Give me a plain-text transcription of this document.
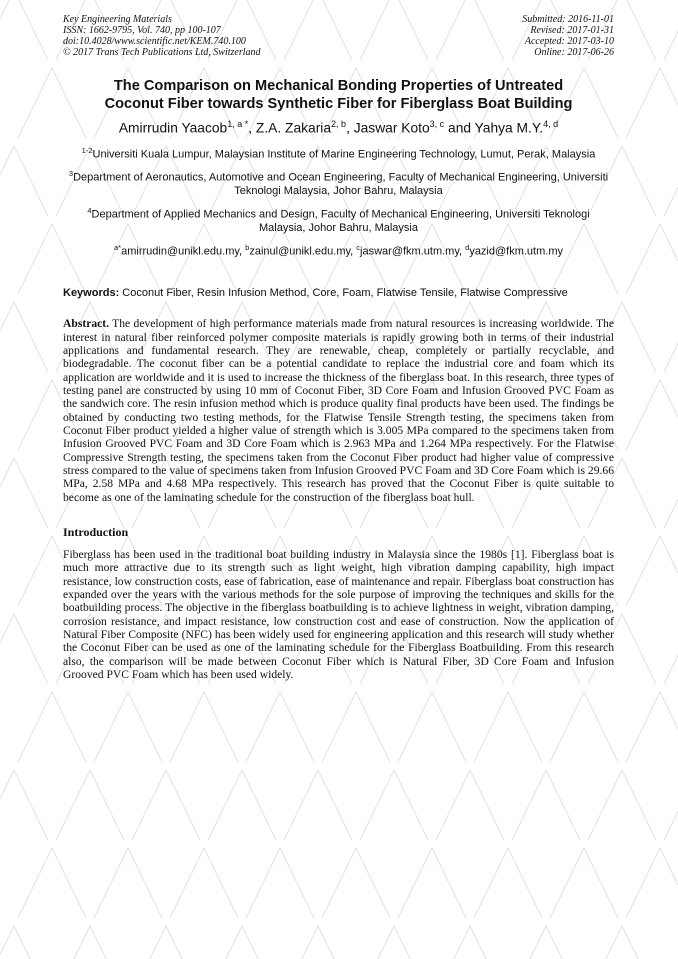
Key Engineering Materials
ISSN: 1662-9795, Vol. 740, pp 100-107
doi:10.4028/www.scientific.net/KEM.740.100
© 2017 Trans Tech Publications Ltd, Switzerland
Submitted: 2016-11-01
Revised: 2017-01-31
Accepted: 2017-03-10
Online: 2017-06-26
The Comparison on Mechanical Bonding Properties of Untreated
Coconut Fiber towards Synthetic Fiber for Fiberglass Boat Building
Amirrudin Yaacob$^{1, a *}$, Z.A. Zakaria$^{2, b}$, Jaswar Koto$^{3, c}$ and Yahya M.Y.$^{4, d}$
$^{1-2}$Universiti Kuala Lumpur, Malaysian Institute of Marine Engineering Technology, Lumut, Perak, Malaysia
$^3$Department of Aeronautics, Automotive and Ocean Engineering, Faculty of Mechanical Engineering, Universiti Teknologi Malaysia, Johor Bahru, Malaysia
$^4$Department of Applied Mechanics and Design, Faculty of Mechanical Engineering, Universiti Teknologi Malaysia, Johor Bahru, Malaysia
$^{a*}$amirrudin@unikl.edu.my, $^b$zainul@unikl.edu.my, $^c$jaswar@fkm.utm.my, $^d$yazid@fkm.utm.my
Keywords: Coconut Fiber, Resin Infusion Method, Core, Foam, Flatwise Tensile, Flatwise Compressive
Abstract. The development of high performance materials made from natural resources is increasing worldwide. The interest in natural fiber reinforced polymer composite materials is rapidly growing both in terms of their industrial applications and fundamental research. They are renewable, cheap, completely or partially recyclable, and biodegradable. The coconut fiber can be a potential candidate to replace the industrial core and foam which its application are worldwide and it is used to increase the thickness of the fiberglass boat. In this research, three types of testing panel are constructed by using 10 mm of Coconut Fiber, 3D Core Foam and Infusion Grooved PVC Foam as the sandwich core. The resin infusion method which is produce quality final products have been used. The findings be obtained by conducting two testing methods, for the Flatwise Tensile Strength testing, the specimens taken from Coconut Fiber product yielded a higher value of strength which is 3.005 MPa compared to the specimens taken from Infusion Grooved PVC Foam and 3D Core Foam which is 2.963 MPa and 1.264 MPa respectively. For the Flatwise Compressive Strength testing, the specimens taken from the Coconut Fiber product had higher value of compressive stress compared to the value of specimens taken from Infusion Grooved PVC Foam and 3D Core Foam which is 29.66 MPa, 2.58 MPa and 4.68 MPa respectively. This research has proved that the Coconut Fiber is quite suitable to become as one of the laminating schedule for the construction of the fiberglass boat hull.
Introduction
Fiberglass has been used in the traditional boat building industry in Malaysia since the 1980s [1]. Fiberglass boat is much more attractive due to its strength such as light weight, high vibration damping capability, high impact resistance, low construction costs, ease of fabrication, ease of maintenance and repair. Fiberglass boat construction has expanded over the years with the various methods for the sole purpose of improving the techniques and skills for the boatbuilding process. The objective in the fiberglass boatbuilding is to achieve lightness in weight, vibration damping, corrosion resistance, and impact resistance, low construction cost and ease of construction. Now the application of Natural Fiber Composite (NFC) has been widely used for engineering application and this research will study whether the Coconut Fiber can be used as one of the laminating schedule for the Fiberglass Boatbuilding. From this research also, the comparison will be made between Coconut Fiber which is Natural Fiber, 3D Core Foam and Infusion Grooved PVC Foam which has been used widely.
